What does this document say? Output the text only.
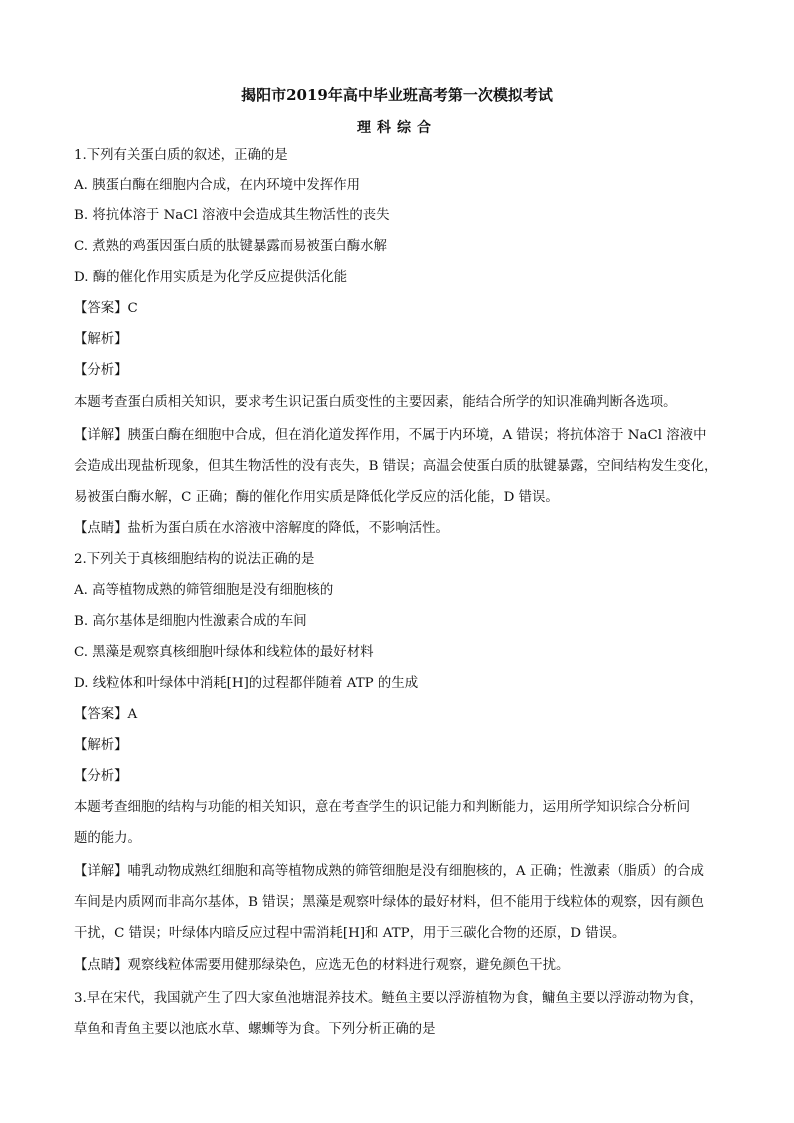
揭阳市2019年高中毕业班高考第一次模拟考试
理科综合
1.下列有关蛋白质的叙述，正确的是
A. 胰蛋白酶在细胞内合成，在内环境中发挥作用
B. 将抗体溶于 NaCl 溶液中会造成其生物活性的丧失
C. 煮熟的鸡蛋因蛋白质的肽键暴露而易被蛋白酶水解
D. 酶的催化作用实质是为化学反应提供活化能
【答案】C
【解析】
【分析】
本题考查蛋白质相关知识，要求考生识记蛋白质变性的主要因素，能结合所学的知识准确判断各选项。
【详解】胰蛋白酶在细胞中合成，但在消化道发挥作用，不属于内环境，A 错误；将抗体溶于 NaCl 溶液中
会造成出现盐析现象，但其生物活性的没有丧失，B 错误；高温会使蛋白质的肽键暴露，空间结构发生变化，
易被蛋白酶水解，C 正确；酶的催化作用实质是降低化学反应的活化能，D 错误。
【点睛】盐析为蛋白质在水溶液中溶解度的降低，不影响活性。
2.下列关于真核细胞结构的说法正确的是
A. 高等植物成熟的筛管细胞是没有细胞核的
B. 高尔基体是细胞内性激素合成的车间
C. 黑藻是观察真核细胞叶绿体和线粒体的最好材料
D. 线粒体和叶绿体中消耗[H]的过程都伴随着 ATP 的生成
【答案】A
【解析】
【分析】
本题考查细胞的结构与功能的相关知识，意在考查学生的识记能力和判断能力，运用所学知识综合分析问
题的能力。
【详解】哺乳动物成熟红细胞和高等植物成熟的筛管细胞是没有细胞核的，A 正确；性激素（脂质）的合成
车间是内质网而非高尔基体，B 错误；黑藻是观察叶绿体的最好材料，但不能用于线粒体的观察，因有颜色
干扰，C 错误；叶绿体内暗反应过程中需消耗[H]和 ATP，用于三碳化合物的还原，D 错误。
【点睛】观察线粒体需要用健那绿染色，应选无色的材料进行观察，避免颜色干扰。
3.早在宋代，我国就产生了四大家鱼池塘混养技术。鲢鱼主要以浮游植物为食，鳙鱼主要以浮游动物为食，
草鱼和青鱼主要以池底水草、螺蛳等为食。下列分析正确的是
